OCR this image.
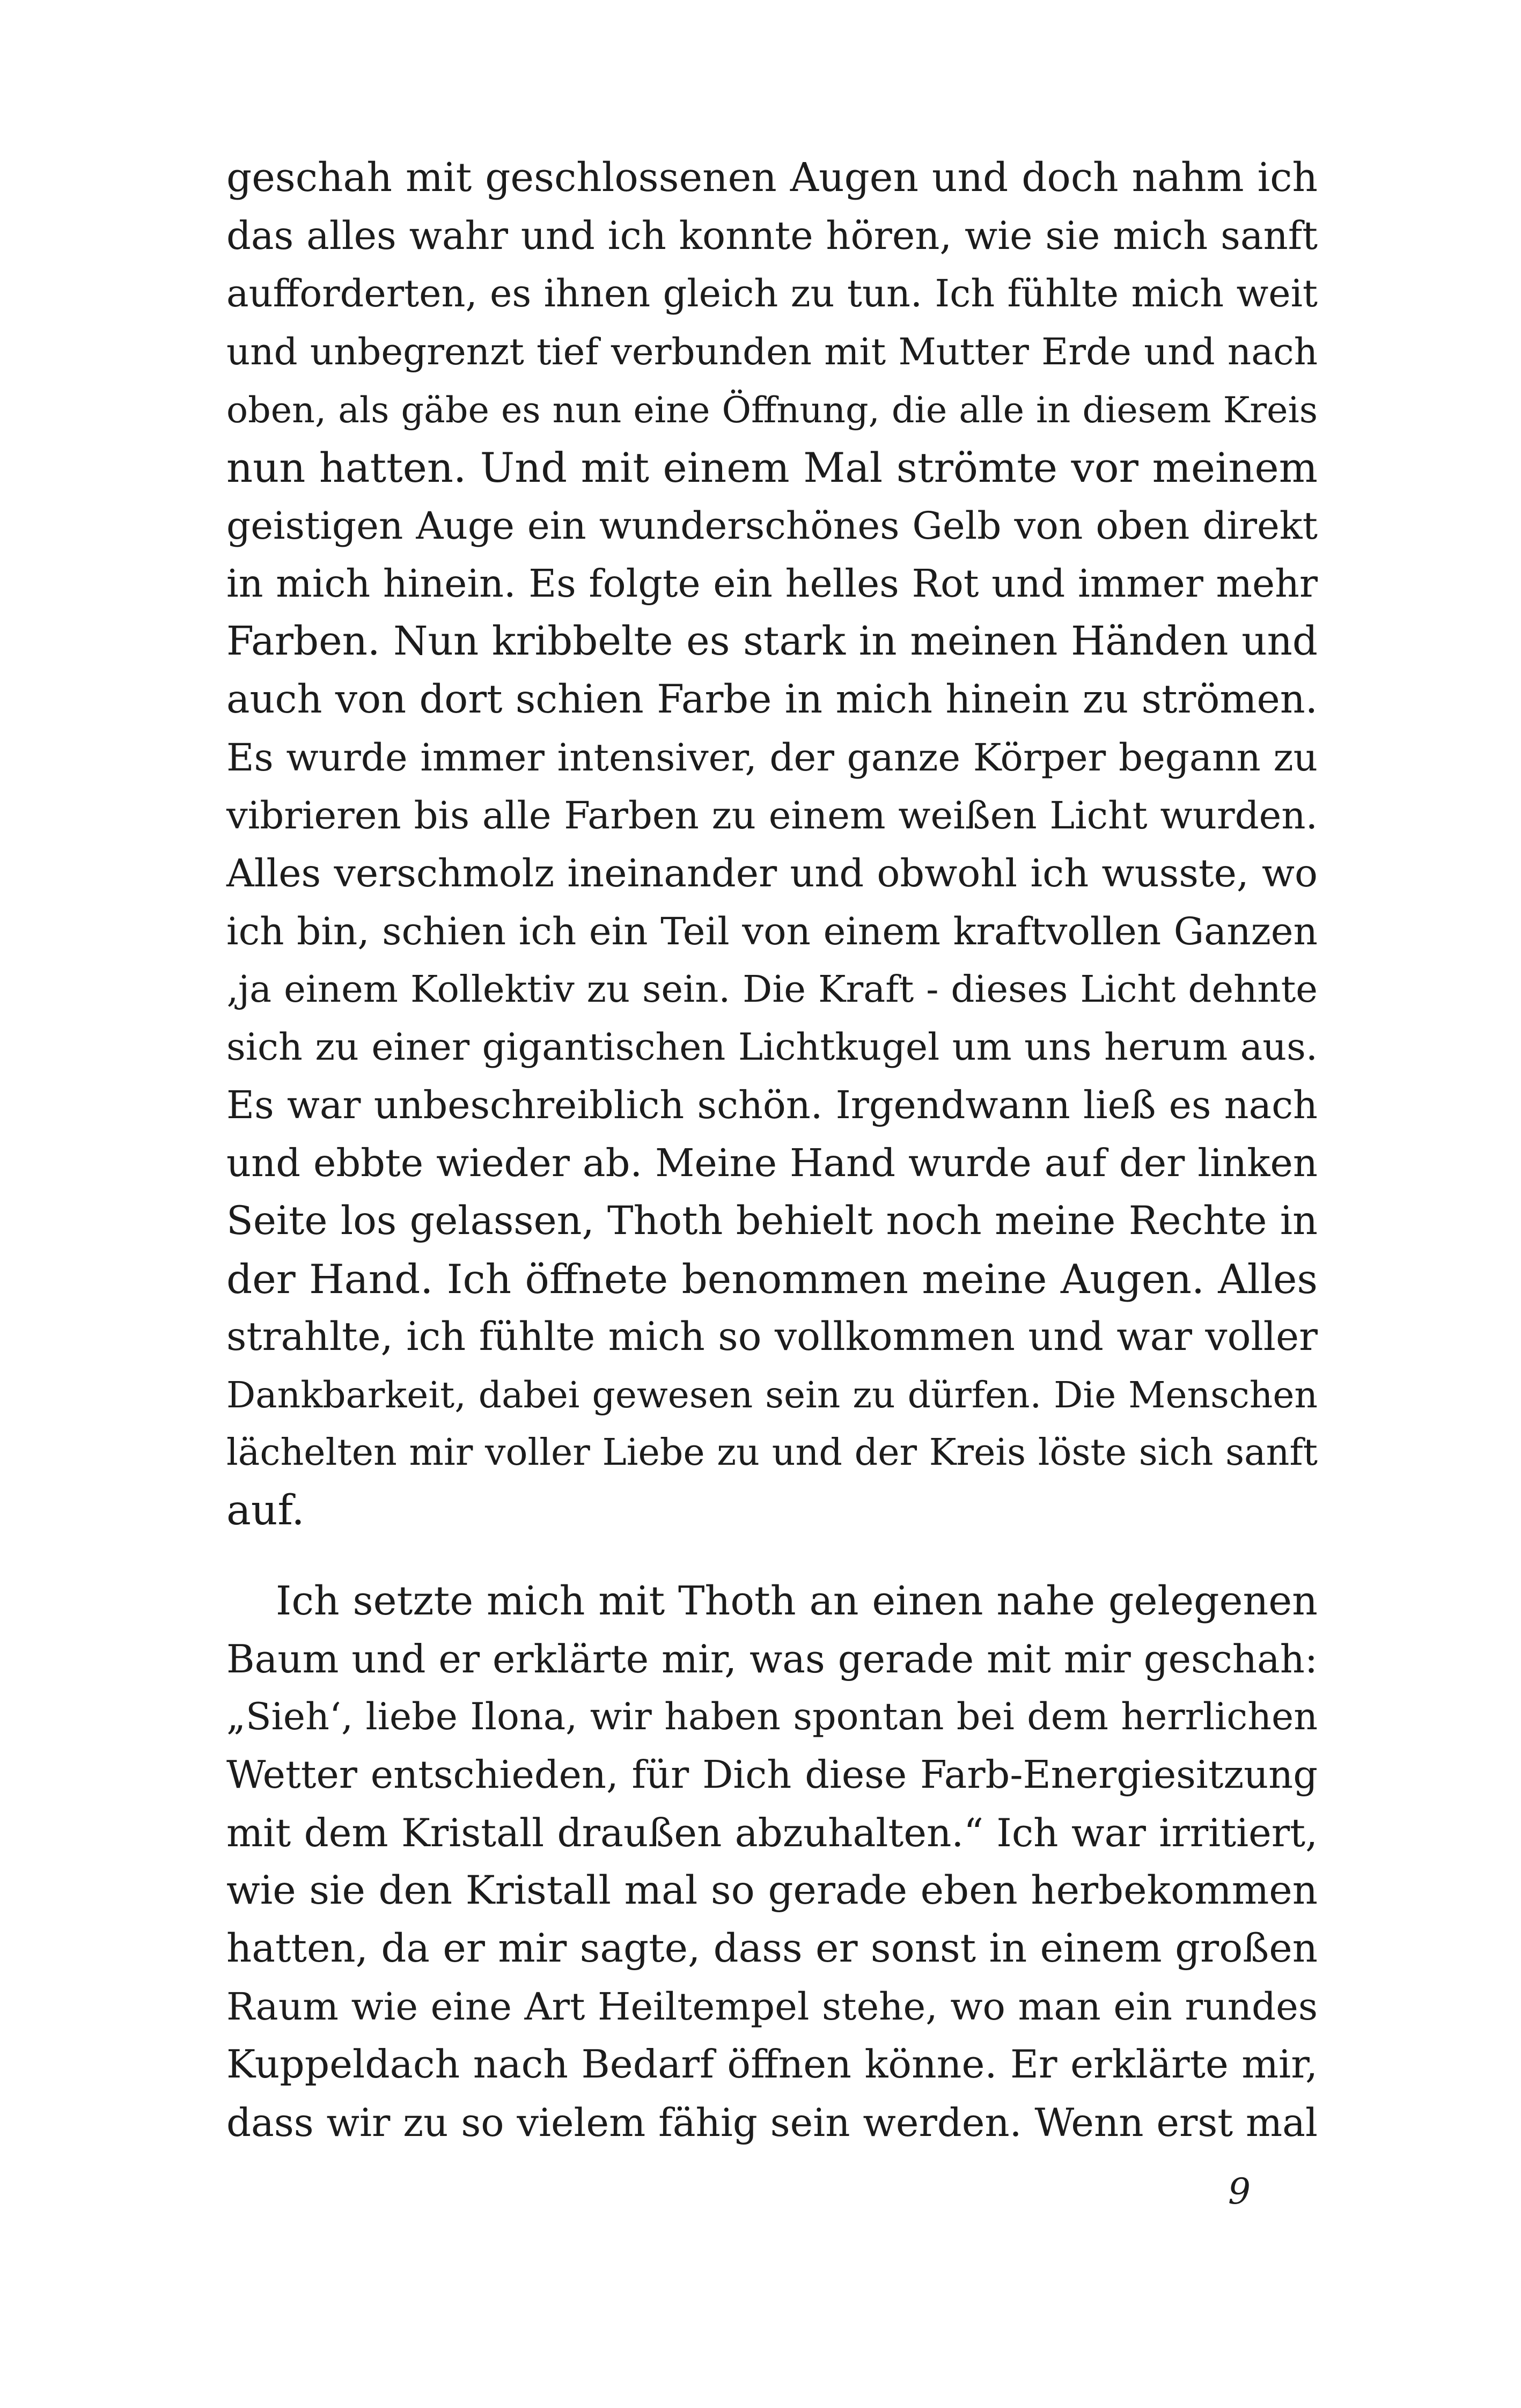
geschah mit geschlossenen Augen und doch nahm ich
das alles wahr und ich konnte hören, wie sie mich sanft
aufforderten, es ihnen gleich zu tun. Ich fühlte mich weit
und unbegrenzt tief verbunden mit Mutter Erde und nach
oben, als gäbe es nun eine Öffnung, die alle in diesem Kreis
nun hatten. Und mit einem Mal strömte vor meinem
geistigen Auge ein wunderschönes Gelb von oben direkt
in mich hinein. Es folgte ein helles Rot und immer mehr
Farben. Nun kribbelte es stark in meinen Händen und
auch von dort schien Farbe in mich hinein zu strömen.
Es wurde immer intensiver, der ganze Körper begann zu
vibrieren bis alle Farben zu einem weißen Licht wurden.
Alles verschmolz ineinander und obwohl ich wusste, wo
ich bin, schien ich ein Teil von einem kraftvollen Ganzen
‚ja einem Kollektiv zu sein. Die Kraft - dieses Licht dehnte
sich zu einer gigantischen Lichtkugel um uns herum aus.
Es war unbeschreiblich schön. Irgendwann ließ es nach
und ebbte wieder ab. Meine Hand wurde auf der linken
Seite los gelassen, Thoth behielt noch meine Rechte in
der Hand. Ich öffnete benommen meine Augen. Alles
strahlte, ich fühlte mich so vollkommen und war voller
Dankbarkeit, dabei gewesen sein zu dürfen. Die Menschen
lächelten mir voller Liebe zu und der Kreis löste sich sanft
auf.
Ich setzte mich mit Thoth an einen nahe gelegenen
Baum und er erklärte mir, was gerade mit mir geschah:
„Sieh‘, liebe Ilona, wir haben spontan bei dem herrlichen
Wetter entschieden, für Dich diese Farb-Energiesitzung
mit dem Kristall draußen abzuhalten.“ Ich war irritiert,
wie sie den Kristall mal so gerade eben herbekommen
hatten, da er mir sagte, dass er sonst in einem großen
Raum wie eine Art Heiltempel stehe, wo man ein rundes
Kuppeldach nach Bedarf öffnen könne. Er erklärte mir,
dass wir zu so vielem fähig sein werden. Wenn erst mal
9
